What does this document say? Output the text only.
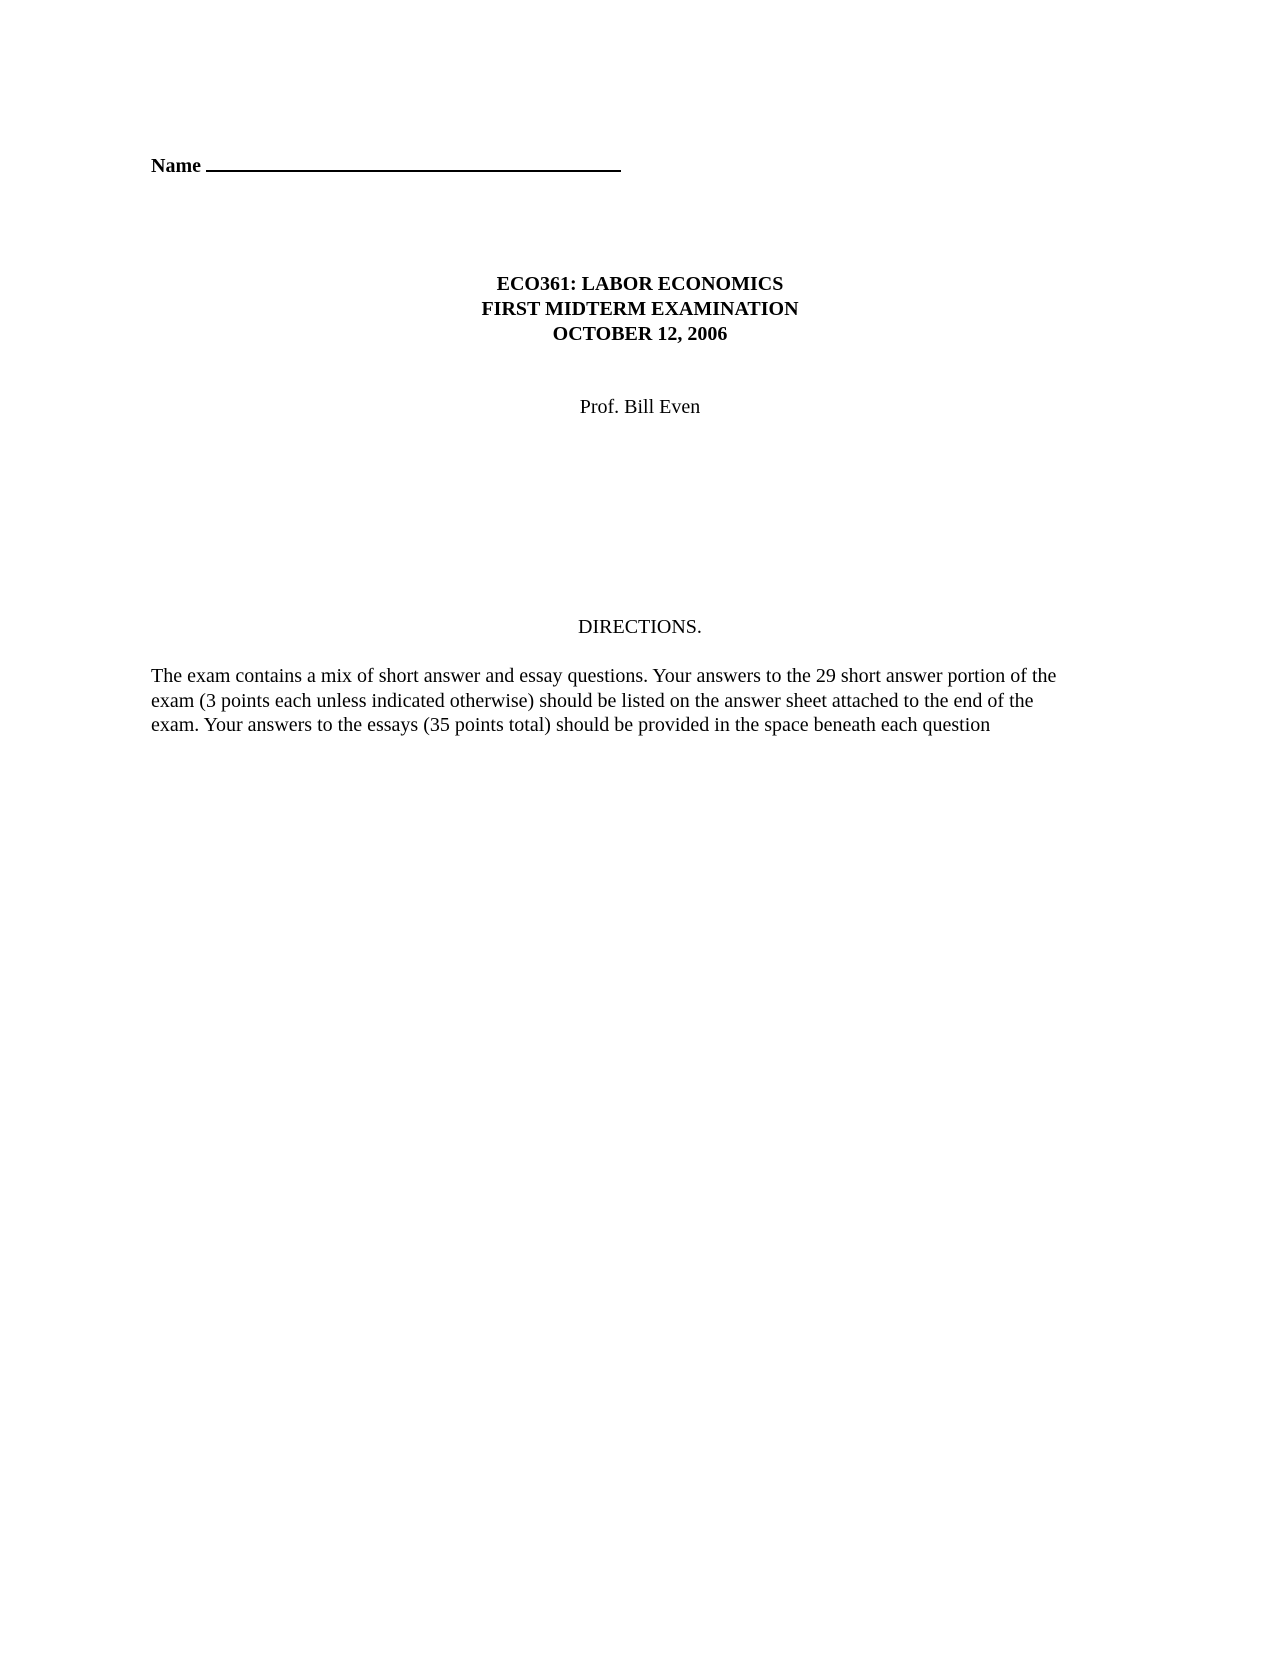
Name
ECO361: LABOR ECONOMICS
FIRST MIDTERM EXAMINATION
OCTOBER 12, 2006
Prof. Bill Even
DIRECTIONS.
The exam contains a mix of short answer and essay questions. Your answers to the 29 short answer portion of the
exam (3 points each unless indicated otherwise) should be listed on the answer sheet attached to the end of the
exam. Your answers to the essays (35 points total) should be provided in the space beneath each question
